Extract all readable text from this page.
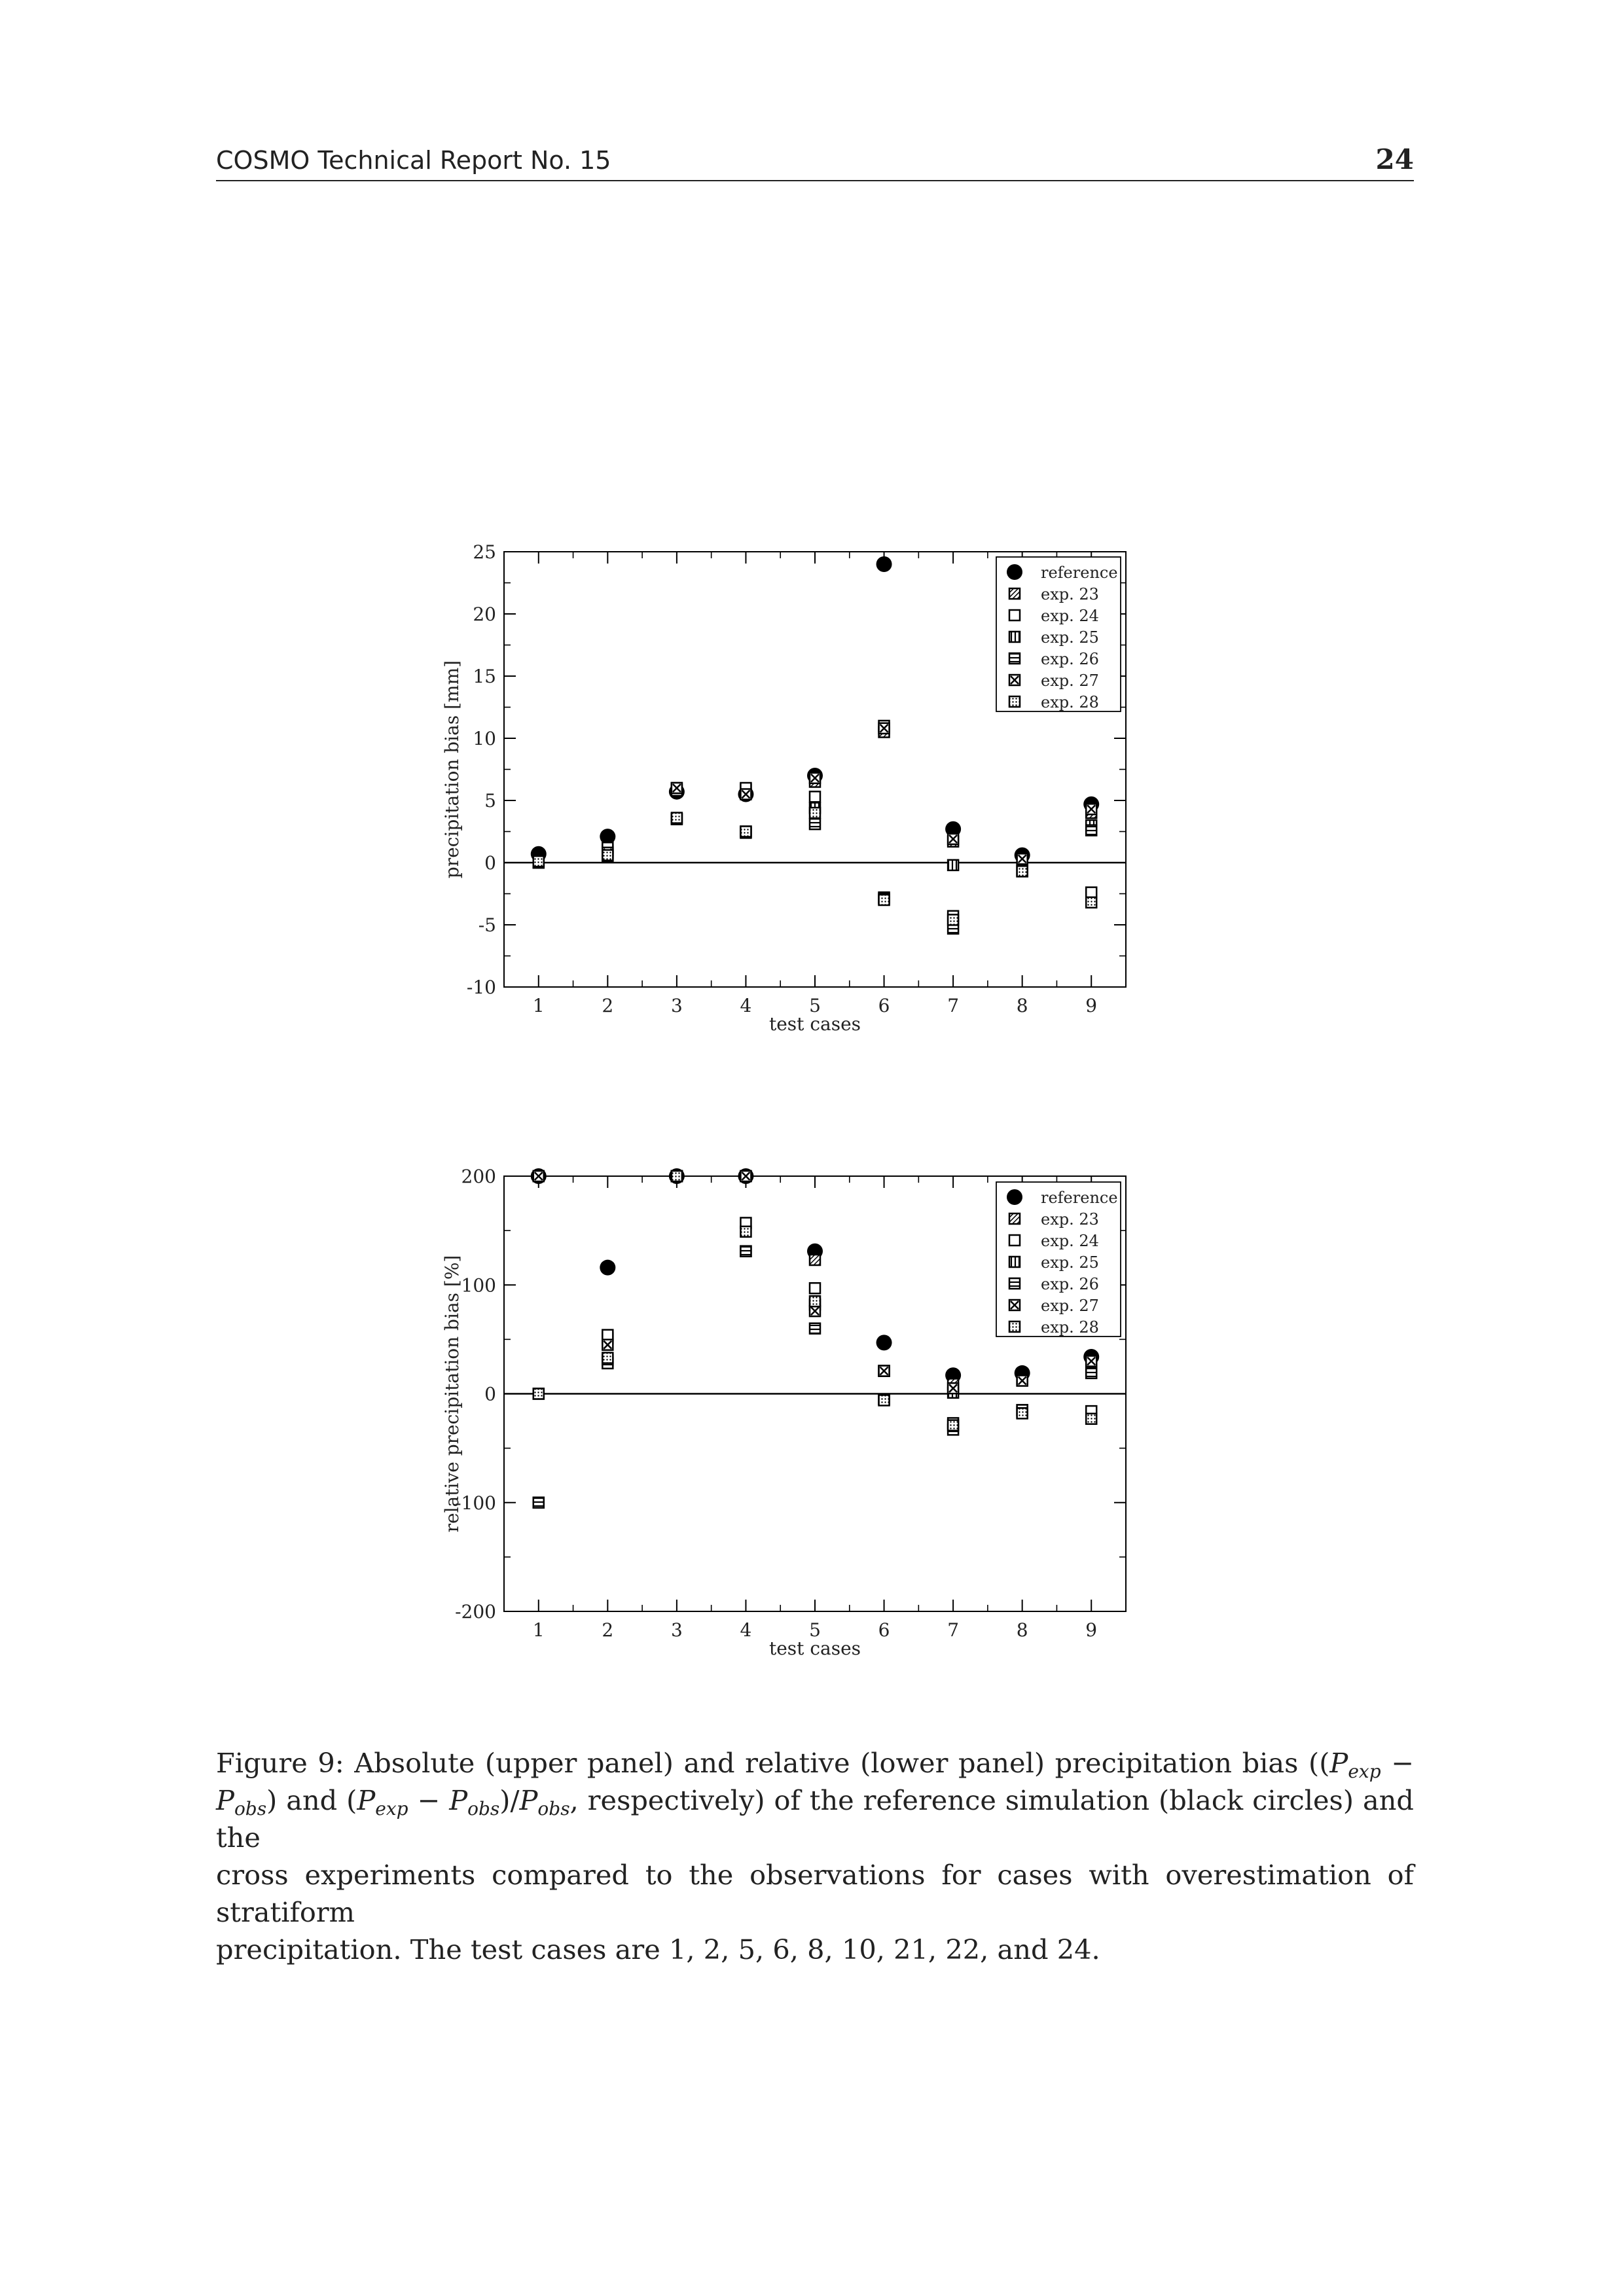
COSMO Technical Report No. 15	24
25
20
15
10
5
0
-5
-10
1	2	3	4	5	6	7	8	9
test cases
precipitation bias [mm]
reference
exp. 23
exp. 24
exp. 25
exp. 26
exp. 27
exp. 28
200
100
0
-100
-200
1	2	3	4	5	6	7	8	9
test cases
relative precipitation bias [%]
reference
exp. 23
exp. 24
exp. 25
exp. 26
exp. 27
exp. 28
Figure 9: Absolute (upper panel) and relative (lower panel) precipitation bias (($P_{exp}$ −
$P_{obs}$) and $(P_{exp} - P_{obs})/P_{obs}$, respectively) of the reference simulation (black circles) and the
cross experiments compared to the observations for cases with overestimation of stratiform
precipitation. The test cases are 1, 2, 5, 6, 8, 10, 21, 22, and 24.
